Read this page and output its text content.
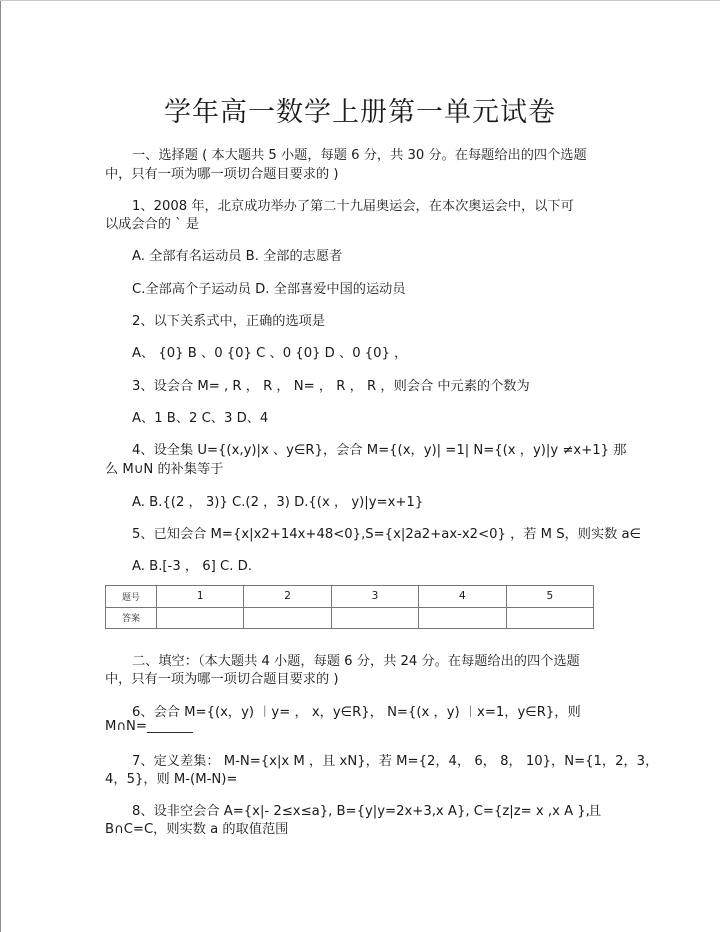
学年高一数学上册第一单元试卷
一、选择题 ( 本大题共 5 小题，每题 6 分，共 30 分。在每题给出的四个选题
中，只有一项为哪一项切合题目要求的 )
1、2008 年，北京成功举办了第二十九届奥运会，在本次奥运会中，以下可
以成会合的 ` 是
A. 全部有名运动员 B. 全部的志愿者
C.全部高个子运动员 D. 全部喜爱中国的运动员
2、以下关系式中，正确的选项是
A、 {0} B 、0 {0} C 、0 {0} D 、0 {0} ，
3、设会合 M= , R ， R ， N= ， R ， R ，则会合 中元素的个数为
A、1 B、2 C、3 D、4
4、设全集 U={(x,y)|x 、y∈R}，会合 M={(x，y)| =1| N={(x ，y)|y ≠x+1} 那
么 M∪N 的补集等于
A. B.{(2 ， 3)} C.(2 ，3) D.{(x ， y)|y=x+1}
5、已知会合 M={x|x2+14x+48<0},S={x|2a2+ax-x2<0} ，若 M S，则实数 a∈
A. B.[-3 ， 6] C. D.
题号	1	2	3	4	5
答案					
二、填空：（本大题共 4 小题，每题 6 分，共 24 分。在每题给出的四个选题
中，只有一项为哪一项切合题目要求的 )
6、会合 M={(x，y) ︱y= ， x，y∈R}， N={(x ，y) ︱x=1，y∈R}，则
M∩N=_______
7、定义差集： M-N={x|x M ，且 xN}，若 M={2，4， 6， 8， 10}，N={1，2，3，
4，5}，则 M-(M-N)=
8、设非空会合 A={x|- 2≤x≤a}, B={y|y=2x+3,x A}, C={z|z= x ,x A },
且
B∩C=C，则实数 a 的取值范围
